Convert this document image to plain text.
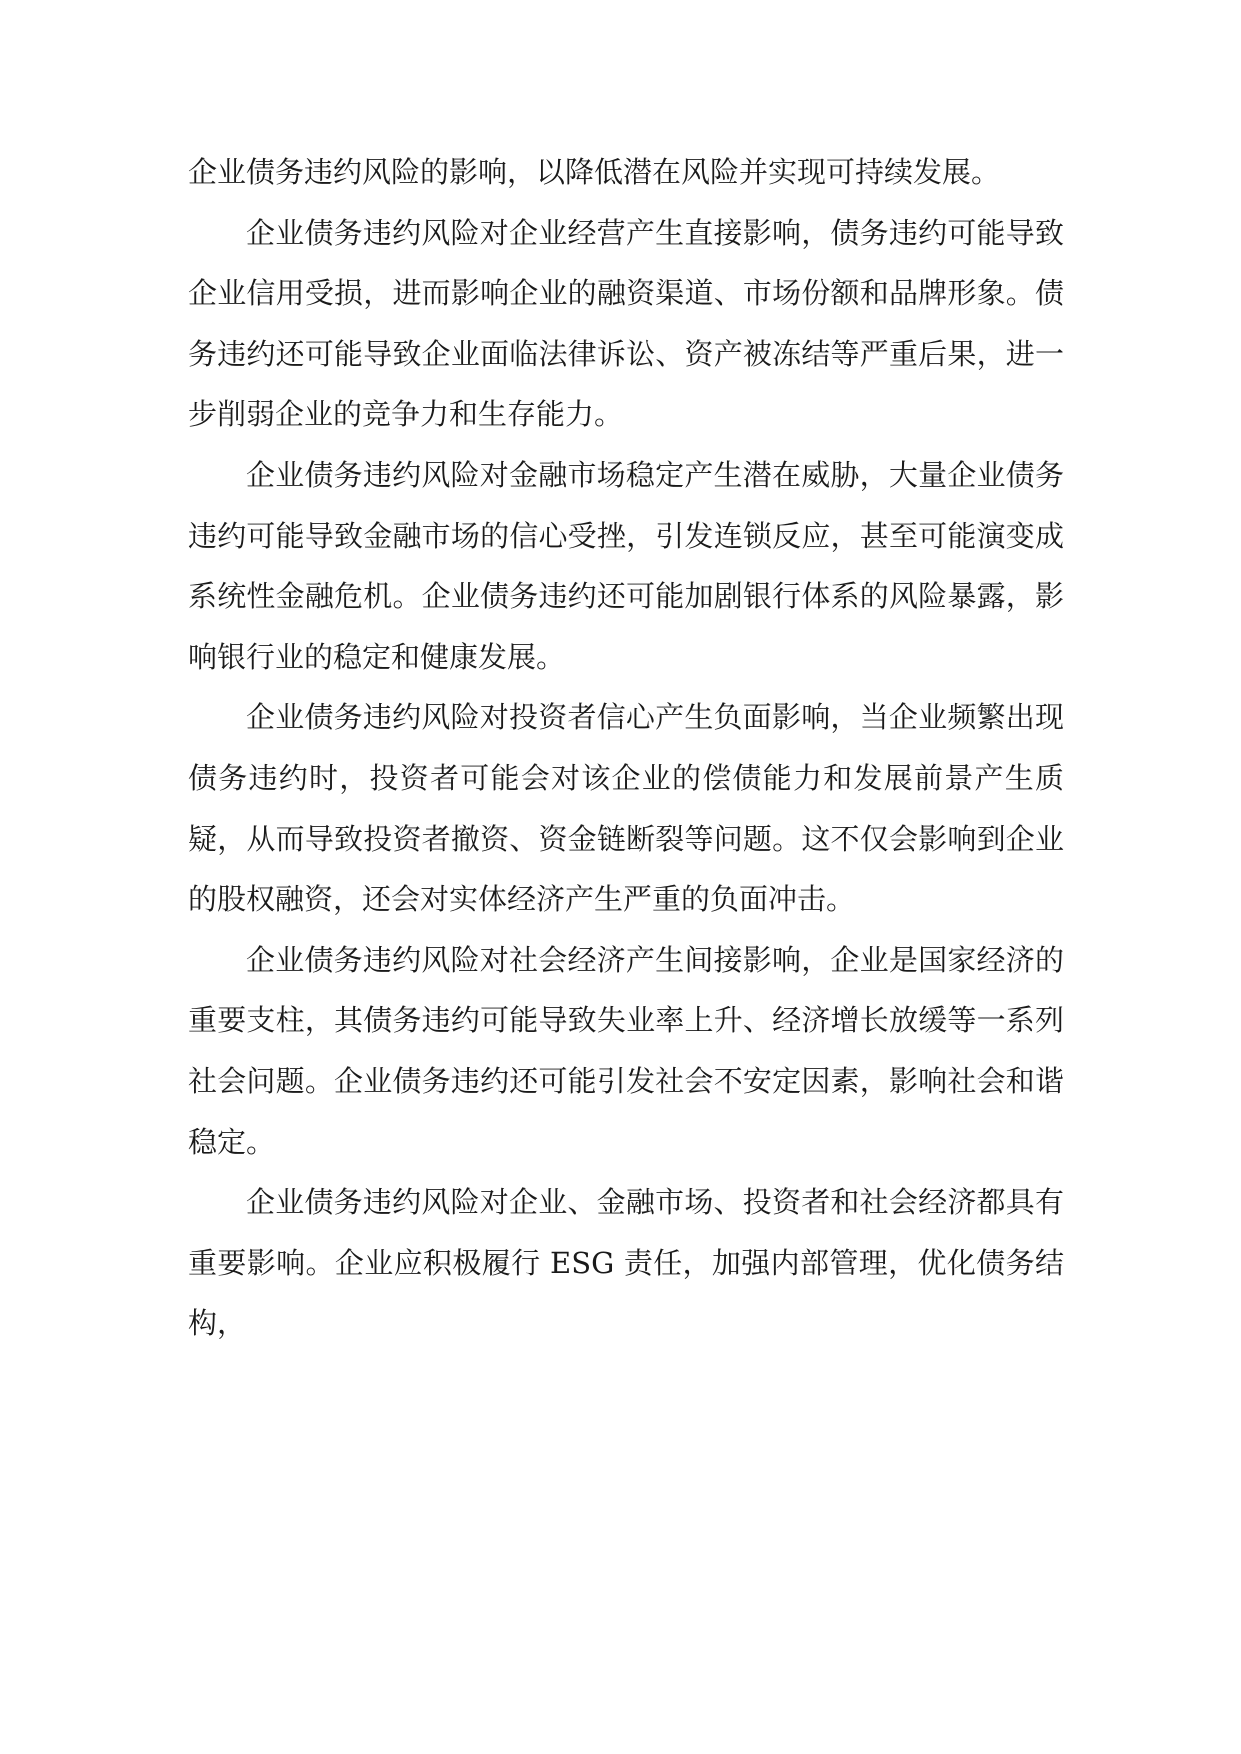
企业债务违约风险的影响，以降低潜在风险并实现可持续发展。

企业债务违约风险对企业经营产生直接影响，债务违约可能导致企业信用受损，进而影响企业的融资渠道、市场份额和品牌形象。债务违约还可能导致企业面临法律诉讼、资产被冻结等严重后果，进一步削弱企业的竞争力和生存能力。

企业债务违约风险对金融市场稳定产生潜在威胁，大量企业债务违约可能导致金融市场的信心受挫，引发连锁反应，甚至可能演变成系统性金融危机。企业债务违约还可能加剧银行体系的风险暴露，影响银行业的稳定和健康发展。

企业债务违约风险对投资者信心产生负面影响，当企业频繁出现债务违约时，投资者可能会对该企业的偿债能力和发展前景产生质疑，从而导致投资者撤资、资金链断裂等问题。这不仅会影响到企业的股权融资，还会对实体经济产生严重的负面冲击。

企业债务违约风险对社会经济产生间接影响，企业是国家经济的重要支柱，其债务违约可能导致失业率上升、经济增长放缓等一系列社会问题。企业债务违约还可能引发社会不安定因素，影响社会和谐稳定。

企业债务违约风险对企业、金融市场、投资者和社会经济都具有重要影响。企业应积极履行 ESG 责任，加强内部管理，优化债务结构，
